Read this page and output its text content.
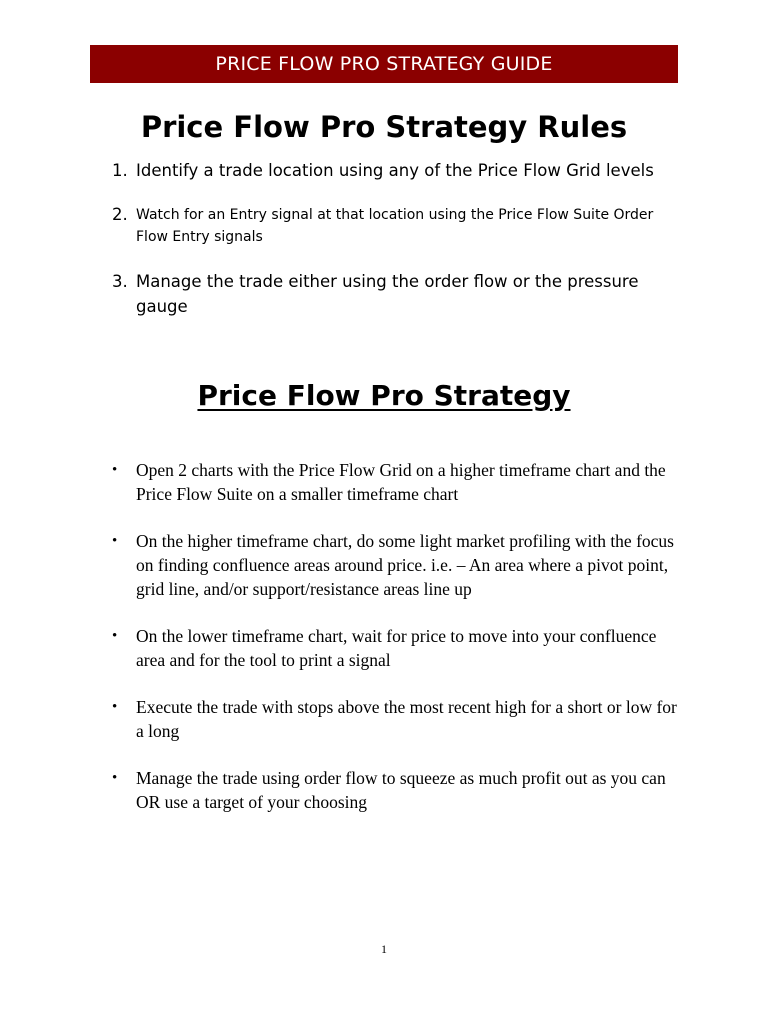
PRICE FLOW PRO STRATEGY GUIDE
Price Flow Pro Strategy Rules
1. Identify a trade location using any of the Price Flow Grid levels
2. Watch for an Entry signal at that location using the Price Flow Suite Order Flow Entry signals
3. Manage the trade either using the order flow or the pressure gauge
Price Flow Pro Strategy
• Open 2 charts with the Price Flow Grid on a higher timeframe chart and the Price Flow Suite on a smaller timeframe chart
• On the higher timeframe chart, do some light market profiling with the focus on finding confluence areas around price. i.e. – An area where a pivot point, grid line, and/or support/resistance areas line up
• On the lower timeframe chart, wait for price to move into your confluence area and for the tool to print a signal
• Execute the trade with stops above the most recent high for a short or low for a long
• Manage the trade using order flow to squeeze as much profit out as you can OR use a target of your choosing
1
